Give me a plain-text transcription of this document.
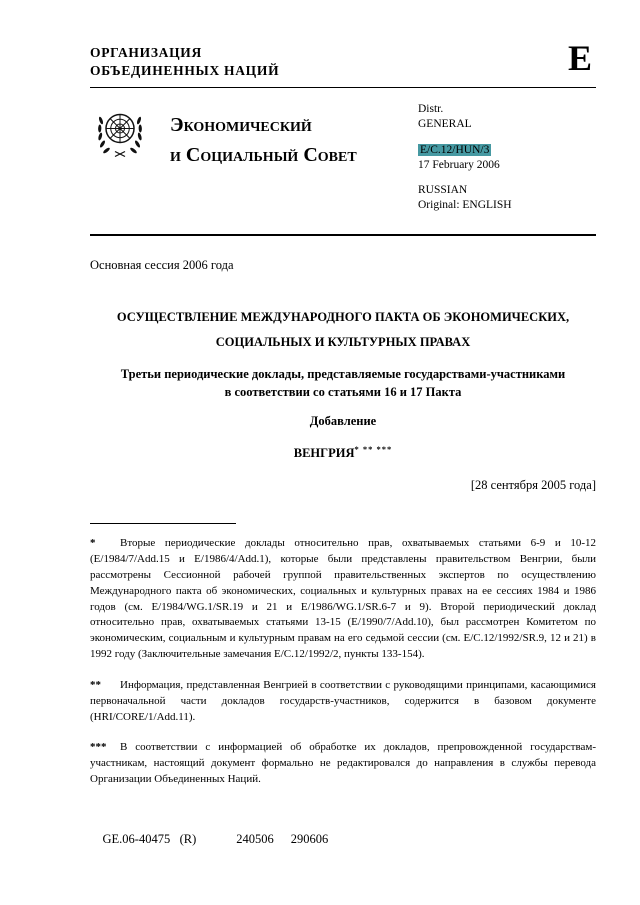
ОРГАНИЗАЦИЯ
ОБЪЕДИНЕННЫХ НАЦИЙ	E
Экономический
и Социальный Совет
Distr.
GENERAL
E/C.12/HUN/3
17 February 2006
RUSSIAN
Original: ENGLISH
Основная сессия 2006 года
ОСУЩЕСТВЛЕНИЕ МЕЖДУНАРОДНОГО ПАКТА ОБ ЭКОНОМИЧЕСКИХ,
СОЦИАЛЬНЫХ И КУЛЬТУРНЫХ ПРАВАХ
Третьи периодические доклады, представляемые государствами-участниками
в соответствии со статьями 16 и 17 Пакта
Добавление
ВЕНГРИЯ* ** ***
[28 сентября 2005 года]

* Вторые периодические доклады относительно прав, охватываемых статьями 6-9 и 10-12 (E/1984/7/Add.15 и E/1986/4/Add.1), которые были представлены правительством Венгрии, были рассмотрены Сессионной рабочей группой правительственных экспертов по осуществлению Международного пакта об экономических, социальных и культурных правах на ее сессиях 1984 и 1986 годов (см. E/1984/WG.1/SR.19 и 21 и E/1986/WG.1/SR.6-7 и 9). Второй периодический доклад относительно прав, охватываемых статьями 13-15 (E/1990/7/Add.10), был рассмотрен Комитетом по экономическим, социальным и культурным правам на его седьмой сессии (см. E/C.12/1992/SR.9, 12 и 21) в 1992 году (Заключительные замечания E/C.12/1992/2, пункты 133-154).

** Информация, представленная Венгрией в соответствии с руководящими принципами, касающимися первоначальной части докладов государств-участников, содержится в базовом документе (HRI/CORE/1/Add.11).

*** В соответствии с информацией об обработке их докладов, препровожденной государствам-участникам, настоящий документ формально не редактировался до направления в службы перевода Организации Объединенных Наций.

GE.06-40475   (R)	240506 290606
